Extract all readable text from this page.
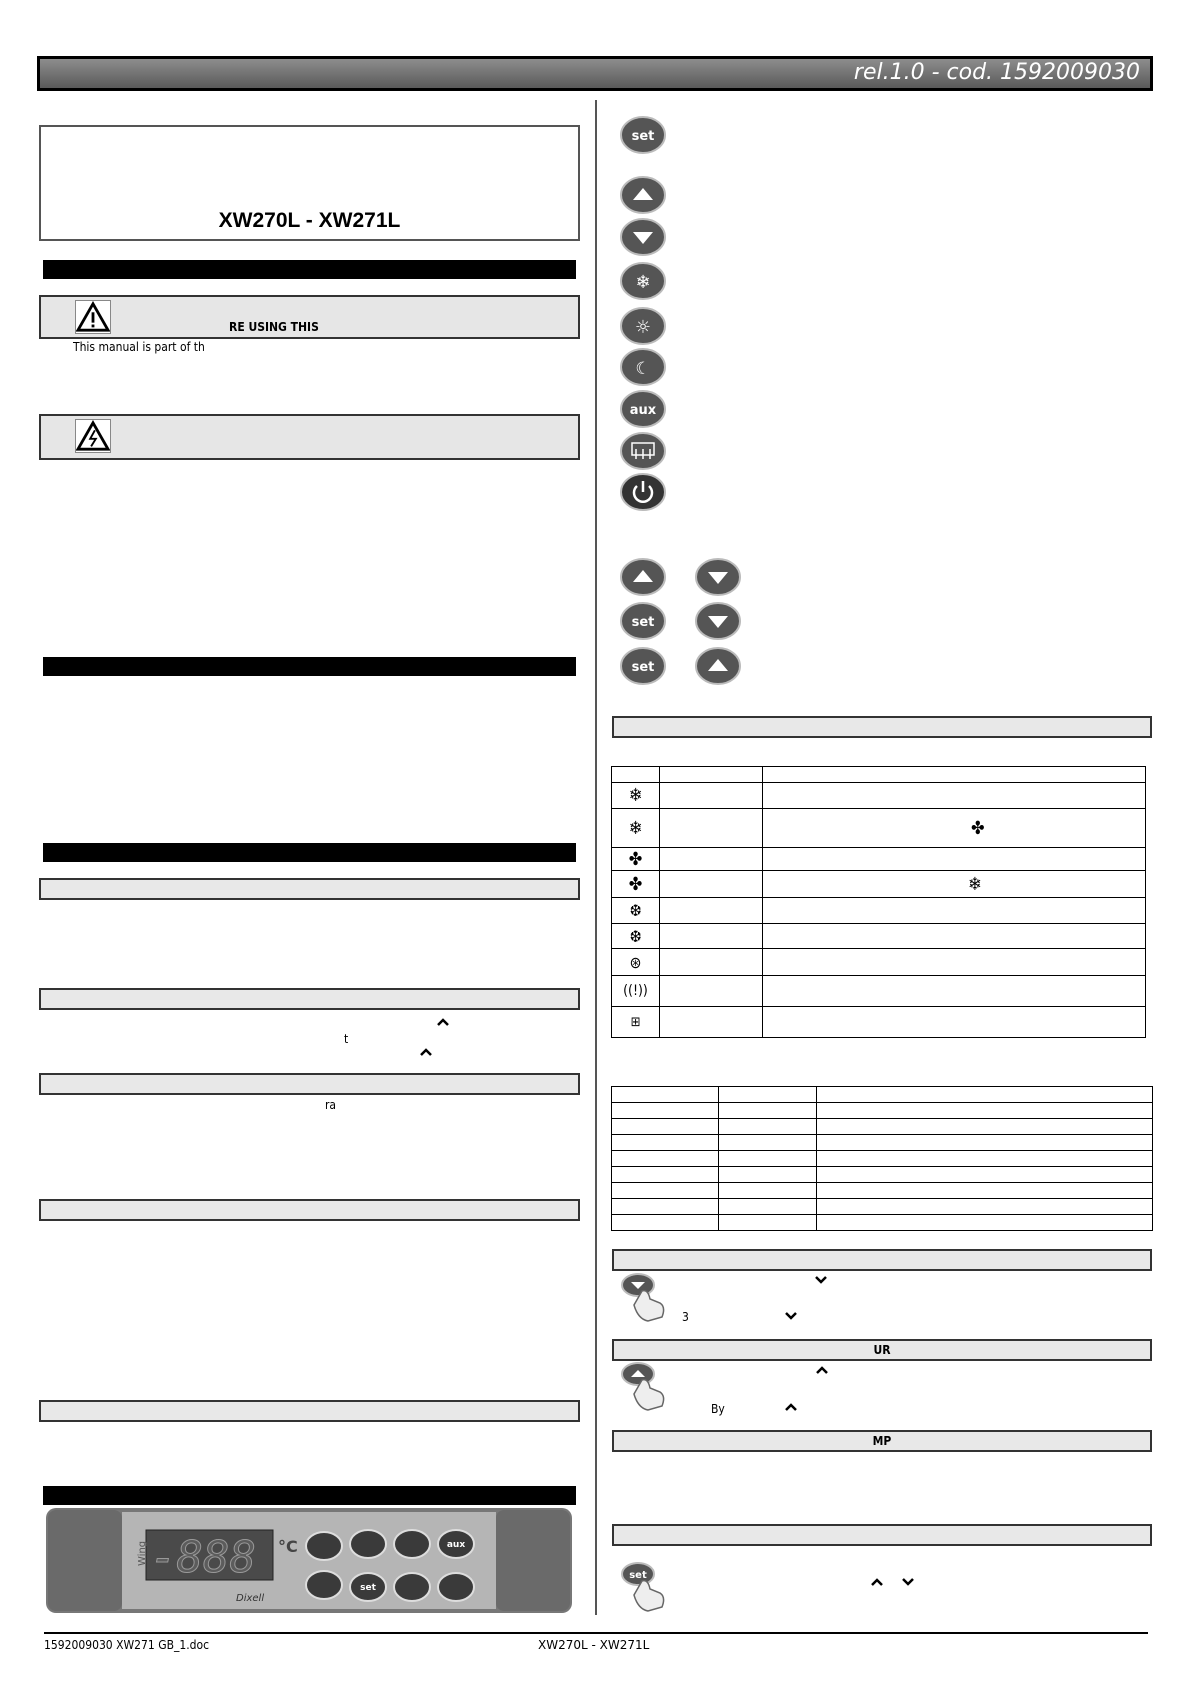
rel.1.0 - cod. 1592009030
XW270L - XW271L
RE USING THIS
This manual is part of th
t
ra
Wing -888 °C
Dixell
aux
set
set
❄
☼
☾
aux
set
set

❄		
❄		✤
✤		
✤		❄
❆		
❆		
⊛		
((!))		
⊞		

UR
MP
3
By
set
1592009030 XW271 GB_1.doc	XW270L - XW271L
